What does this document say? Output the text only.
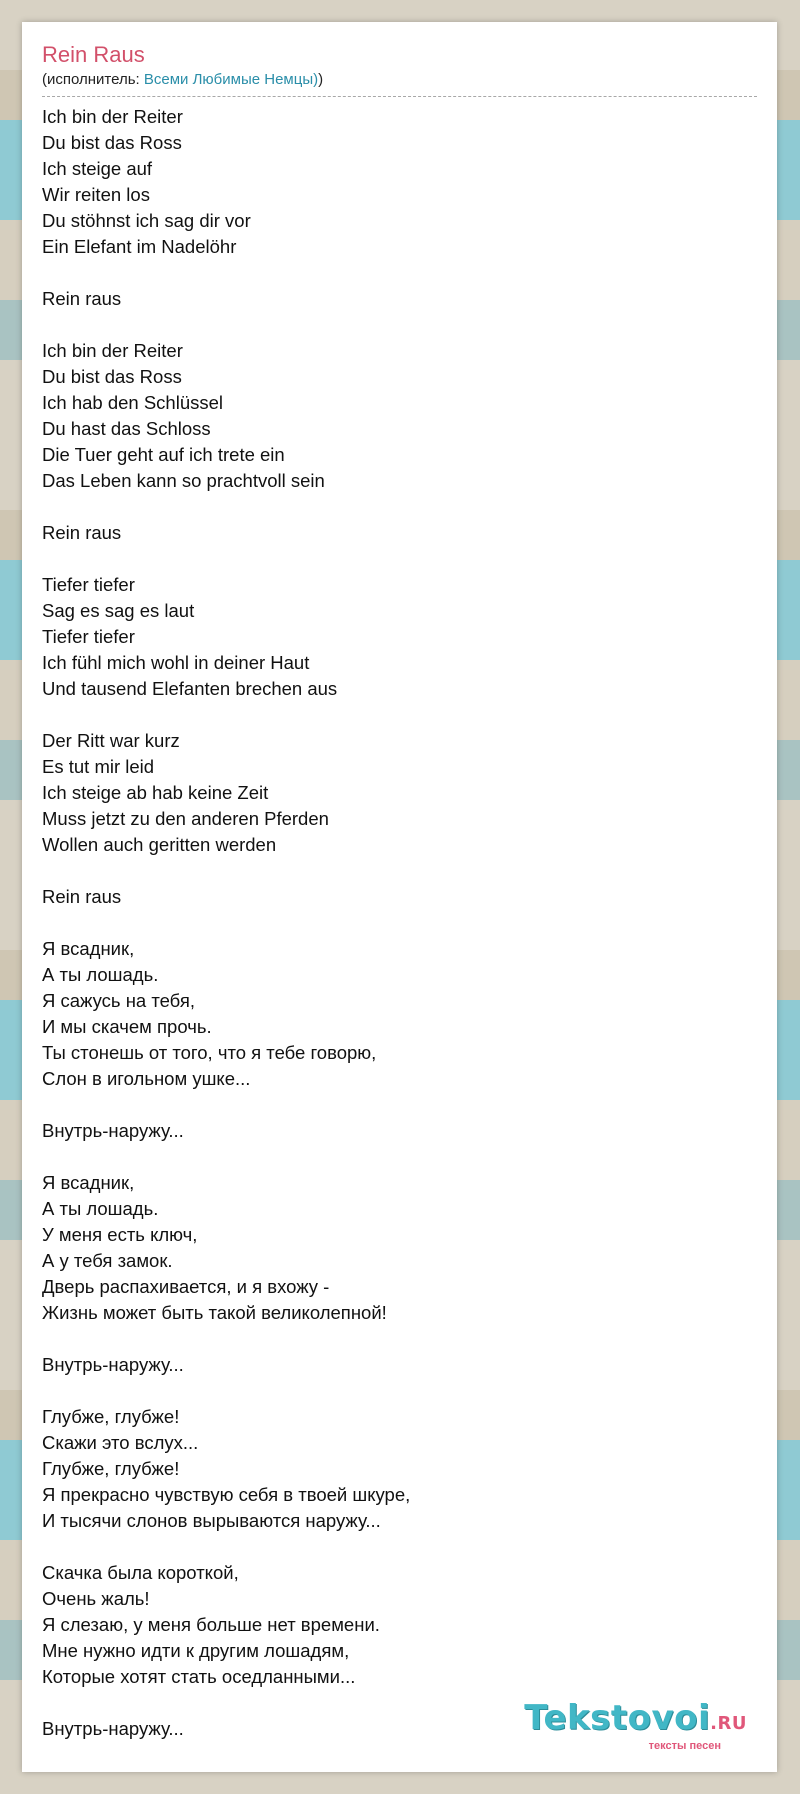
Rein Raus
(исполнитель: Всеми Любимые Немцы))
Ich bin der Reiter
Du bist das Ross
Ich steige auf
Wir reiten los
Du stöhnst ich sag dir vor
Ein Elefant im Nadelöhr
Rein raus
Ich bin der Reiter
Du bist das Ross
Ich hab den Schlüssel
Du hast das Schloss
Die Tuer geht auf ich trete ein
Das Leben kann so prachtvoll sein
Rein raus
Tiefer tiefer
Sag es sag es laut
Tiefer tiefer
Ich fühl mich wohl in deiner Haut
Und tausend Elefanten brechen aus
Der Ritt war kurz
Es tut mir leid
Ich steige ab hab keine Zeit
Muss jetzt zu den anderen Pferden
Wollen auch geritten werden
Rein raus
Я всадник,
А ты лошадь.
Я сажусь на тебя,
И мы скачем прочь.
Ты стонешь от того, что я тебе говорю,
Слон в игольном ушке...
Внутрь-наружу...
Я всадник,
А ты лошадь.
У меня есть ключ,
А у тебя замок.
Дверь распахивается, и я вхожу -
Жизнь может быть такой великолепной!
Внутрь-наружу...
Глубже, глубже!
Скажи это вслух...
Глубже, глубже!
Я прекрасно чувствую себя в твоей шкуре,
И тысячи слонов вырываются наружу...
Скачка была короткой,
Очень жаль!
Я слезаю, у меня больше нет времени.
Мне нужно идти к другим лошадям,
Которые хотят стать оседланными...
Внутрь-наружу...	Tekstovoi.RU
тексты песен
